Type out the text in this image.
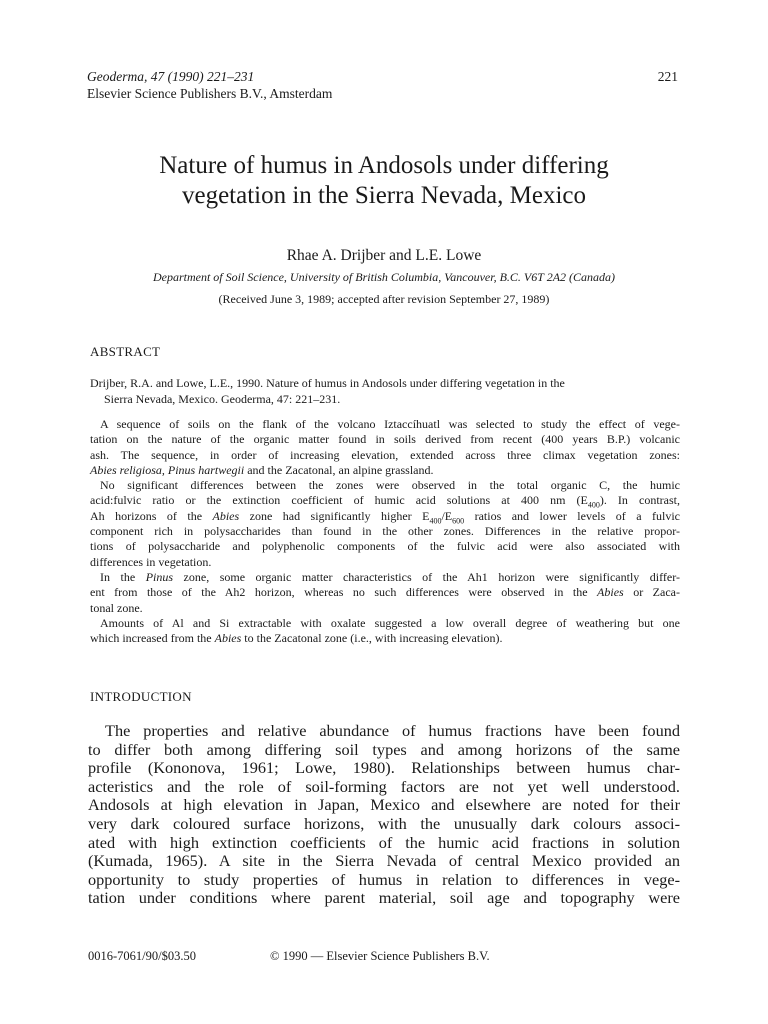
Geoderma, 47 (1990) 221–231
Elsevier Science Publishers B.V., Amsterdam
221
Nature of humus in Andosols under differing
vegetation in the Sierra Nevada, Mexico
Rhae A. Drijber and L.E. Lowe
Department of Soil Science, University of British Columbia, Vancouver, B.C. V6T 2A2 (Canada)
(Received June 3, 1989; accepted after revision September 27, 1989)
ABSTRACT
Drijber, R.A. and Lowe, L.E., 1990. Nature of humus in Andosols under differing vegetation in the
Sierra Nevada, Mexico. Geoderma, 47: 221–231.
A sequence of soils on the flank of the volcano Iztaccíhuatl was selected to study the effect of vege-
tation on the nature of the organic matter found in soils derived from recent (400 years B.P.) volcanic
ash. The sequence, in order of increasing elevation, extended across three climax vegetation zones:
Abies religiosa, Pinus hartwegii and the Zacatonal, an alpine grassland.
No significant differences between the zones were observed in the total organic C, the humic
acid:fulvic ratio or the extinction coefficient of humic acid solutions at 400 nm $(E_{400})$. In contrast,
Ah horizons of the Abies zone had significantly higher $E_{400}/E_{600}$ ratios and lower levels of a fulvic
component rich in polysaccharides than found in the other zones. Differences in the relative propor-
tions of polysaccharide and polyphenolic components of the fulvic acid were also associated with
differences in vegetation.
In the Pinus zone, some organic matter characteristics of the Ah1 horizon were significantly differ-
ent from those of the Ah2 horizon, whereas no such differences were observed in the Abies or Zaca-
tonal zone.
Amounts of Al and Si extractable with oxalate suggested a low overall degree of weathering but one
which increased from the Abies to the Zacatonal zone (i.e., with increasing elevation).
INTRODUCTION
The properties and relative abundance of humus fractions have been found
to differ both among differing soil types and among horizons of the same
profile (Kononova, 1961; Lowe, 1980). Relationships between humus char-
acteristics and the role of soil-forming factors are not yet well understood.
Andosols at high elevation in Japan, Mexico and elsewhere are noted for their
very dark coloured surface horizons, with the unusually dark colours associ-
ated with high extinction coefficients of the humic acid fractions in solution
(Kumada, 1965). A site in the Sierra Nevada of central Mexico provided an
opportunity to study properties of humus in relation to differences in vege-
tation under conditions where parent material, soil age and topography were
0016-7061/90/$03.50	© 1990 — Elsevier Science Publishers B.V.
